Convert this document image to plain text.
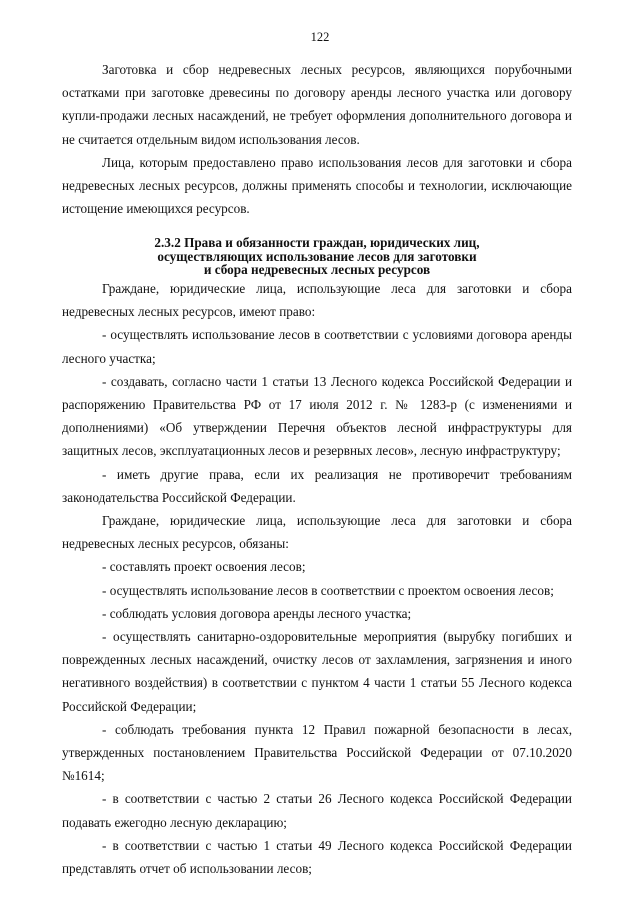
122

Заготовка и сбор недревесных лесных ресурсов, являющихся порубочными остатками при заготовке древесины по договору аренды лесного участка или договору купли-продажи лесных насаждений, не требует оформления дополнительного договора и не считается отдельным видом использования лесов.

Лица, которым предоставлено право использования лесов для заготовки и сбора недревесных лесных ресурсов, должны применять способы и технологии, исключающие истощение имеющихся ресурсов.

2.3.2 Права и обязанности граждан, юридических лиц,
осуществляющих использование лесов для заготовки
и сбора недревесных лесных ресурсов

Граждане, юридические лица, использующие леса для заготовки и сбора недревесных лесных ресурсов, имеют право:

- осуществлять использование лесов в соответствии с условиями договора аренды лесного участка;

- создавать, согласно части 1 статьи 13 Лесного кодекса Российской Федерации и распоряжению Правительства РФ от 17 июля 2012 г. № 1283-р (с изменениями и дополнениями) «Об утверждении Перечня объектов лесной инфраструктуры для защитных лесов, эксплуатационных лесов и резервных лесов», лесную инфраструктуру;

- иметь другие права, если их реализация не противоречит требованиям законодательства Российской Федерации.

Граждане, юридические лица, использующие леса для заготовки и сбора недревесных лесных ресурсов, обязаны:

- составлять проект освоения лесов;

- осуществлять использование лесов в соответствии с проектом освоения лесов;

- соблюдать условия договора аренды лесного участка;

- осуществлять санитарно-оздоровительные мероприятия (вырубку погибших и поврежденных лесных насаждений, очистку лесов от захламления, загрязнения и иного негативного воздействия) в соответствии с пунктом 4 части 1 статьи 55 Лесного кодекса Российской Федерации;

- соблюдать требования пункта 12 Правил пожарной безопасности в лесах, утвержденных постановлением Правительства Российской Федерации от 07.10.2020 №1614;

- в соответствии с частью 2 статьи 26 Лесного кодекса Российской Федерации подавать ежегодно лесную декларацию;

- в соответствии с частью 1 статьи 49 Лесного кодекса Российской Федерации представлять отчет об использовании лесов;
